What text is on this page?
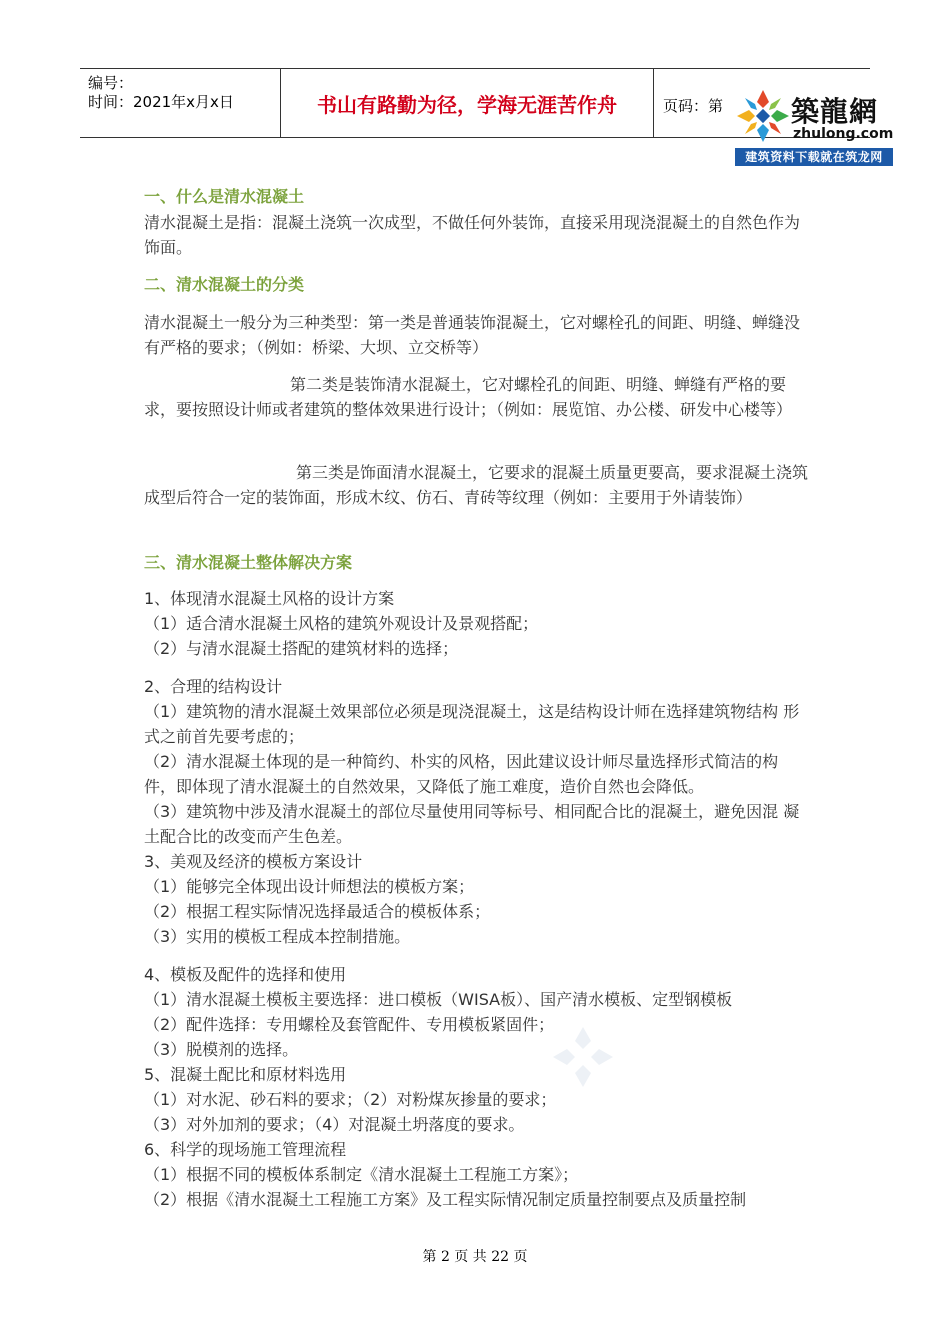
编号：
时间：2021年x月x日	书山有路勤为径，学海无涯苦作舟	页码：第 築龍網
zhulong.com
建筑资料下载就在筑龙网

一、什么是清水混凝土

清水混凝土是指：混凝土浇筑一次成型，不做任何外装饰，直接采用现浇混凝土的自然色作为饰面。

二、清水混凝土的分类

清水混凝土一般分为三种类型：第一类是普通装饰混凝土，它对螺栓孔的间距、明缝、蝉缝没有严格的要求；（例如：桥梁、大坝、立交桥等）

第二类是装饰清水混凝土，它对螺栓孔的间距、明缝、蝉缝有严格的要求，要按照设计师或者建筑的整体效果进行设计；（例如：展览馆、办公楼、研发中心楼等）

第三类是饰面清水混凝土，它要求的混凝土质量更要高，要求混凝土浇筑成型后符合一定的装饰面，形成木纹、仿石、青砖等纹理（例如：主要用于外请装饰）

三、清水混凝土整体解决方案

1、体现清水混凝土风格的设计方案
（1）适合清水混凝土风格的建筑外观设计及景观搭配；
（2）与清水混凝土搭配的建筑材料的选择；
2、合理的结构设计
（1）建筑物的清水混凝土效果部位必须是现浇混凝土，这是结构设计师在选择建筑物结构 形式之前首先要考虑的；
（2）清水混凝土体现的是一种简约、朴实的风格，因此建议设计师尽量选择形式简洁的构 件，即体现了清水混凝土的自然效果，又降低了施工难度，造价自然也会降低。
（3）建筑物中涉及清水混凝土的部位尽量使用同等标号、相同配合比的混凝土，避免因混 凝土配合比的改变而产生色差。
3、美观及经济的模板方案设计
（1）能够完全体现出设计师想法的模板方案；
（2）根据工程实际情况选择最适合的模板体系；
（3）实用的模板工程成本控制措施。
4、模板及配件的选择和使用
（1）清水混凝土模板主要选择：进口模板（WISA板）、国产清水模板、定型钢模板
（2）配件选择：专用螺栓及套管配件、专用模板紧固件；
（3）脱模剂的选择。
5、混凝土配比和原材料选用
（1）对水泥、砂石料的要求；（2）对粉煤灰掺量的要求；
（3）对外加剂的要求；（4）对混凝土坍落度的要求。
6、科学的现场施工管理流程
（1）根据不同的模板体系制定《清水混凝土工程施工方案》；
（2）根据《清水混凝土工程施工方案》及工程实际情况制定质量控制要点及质量控制
第 2 页 共 22 页
